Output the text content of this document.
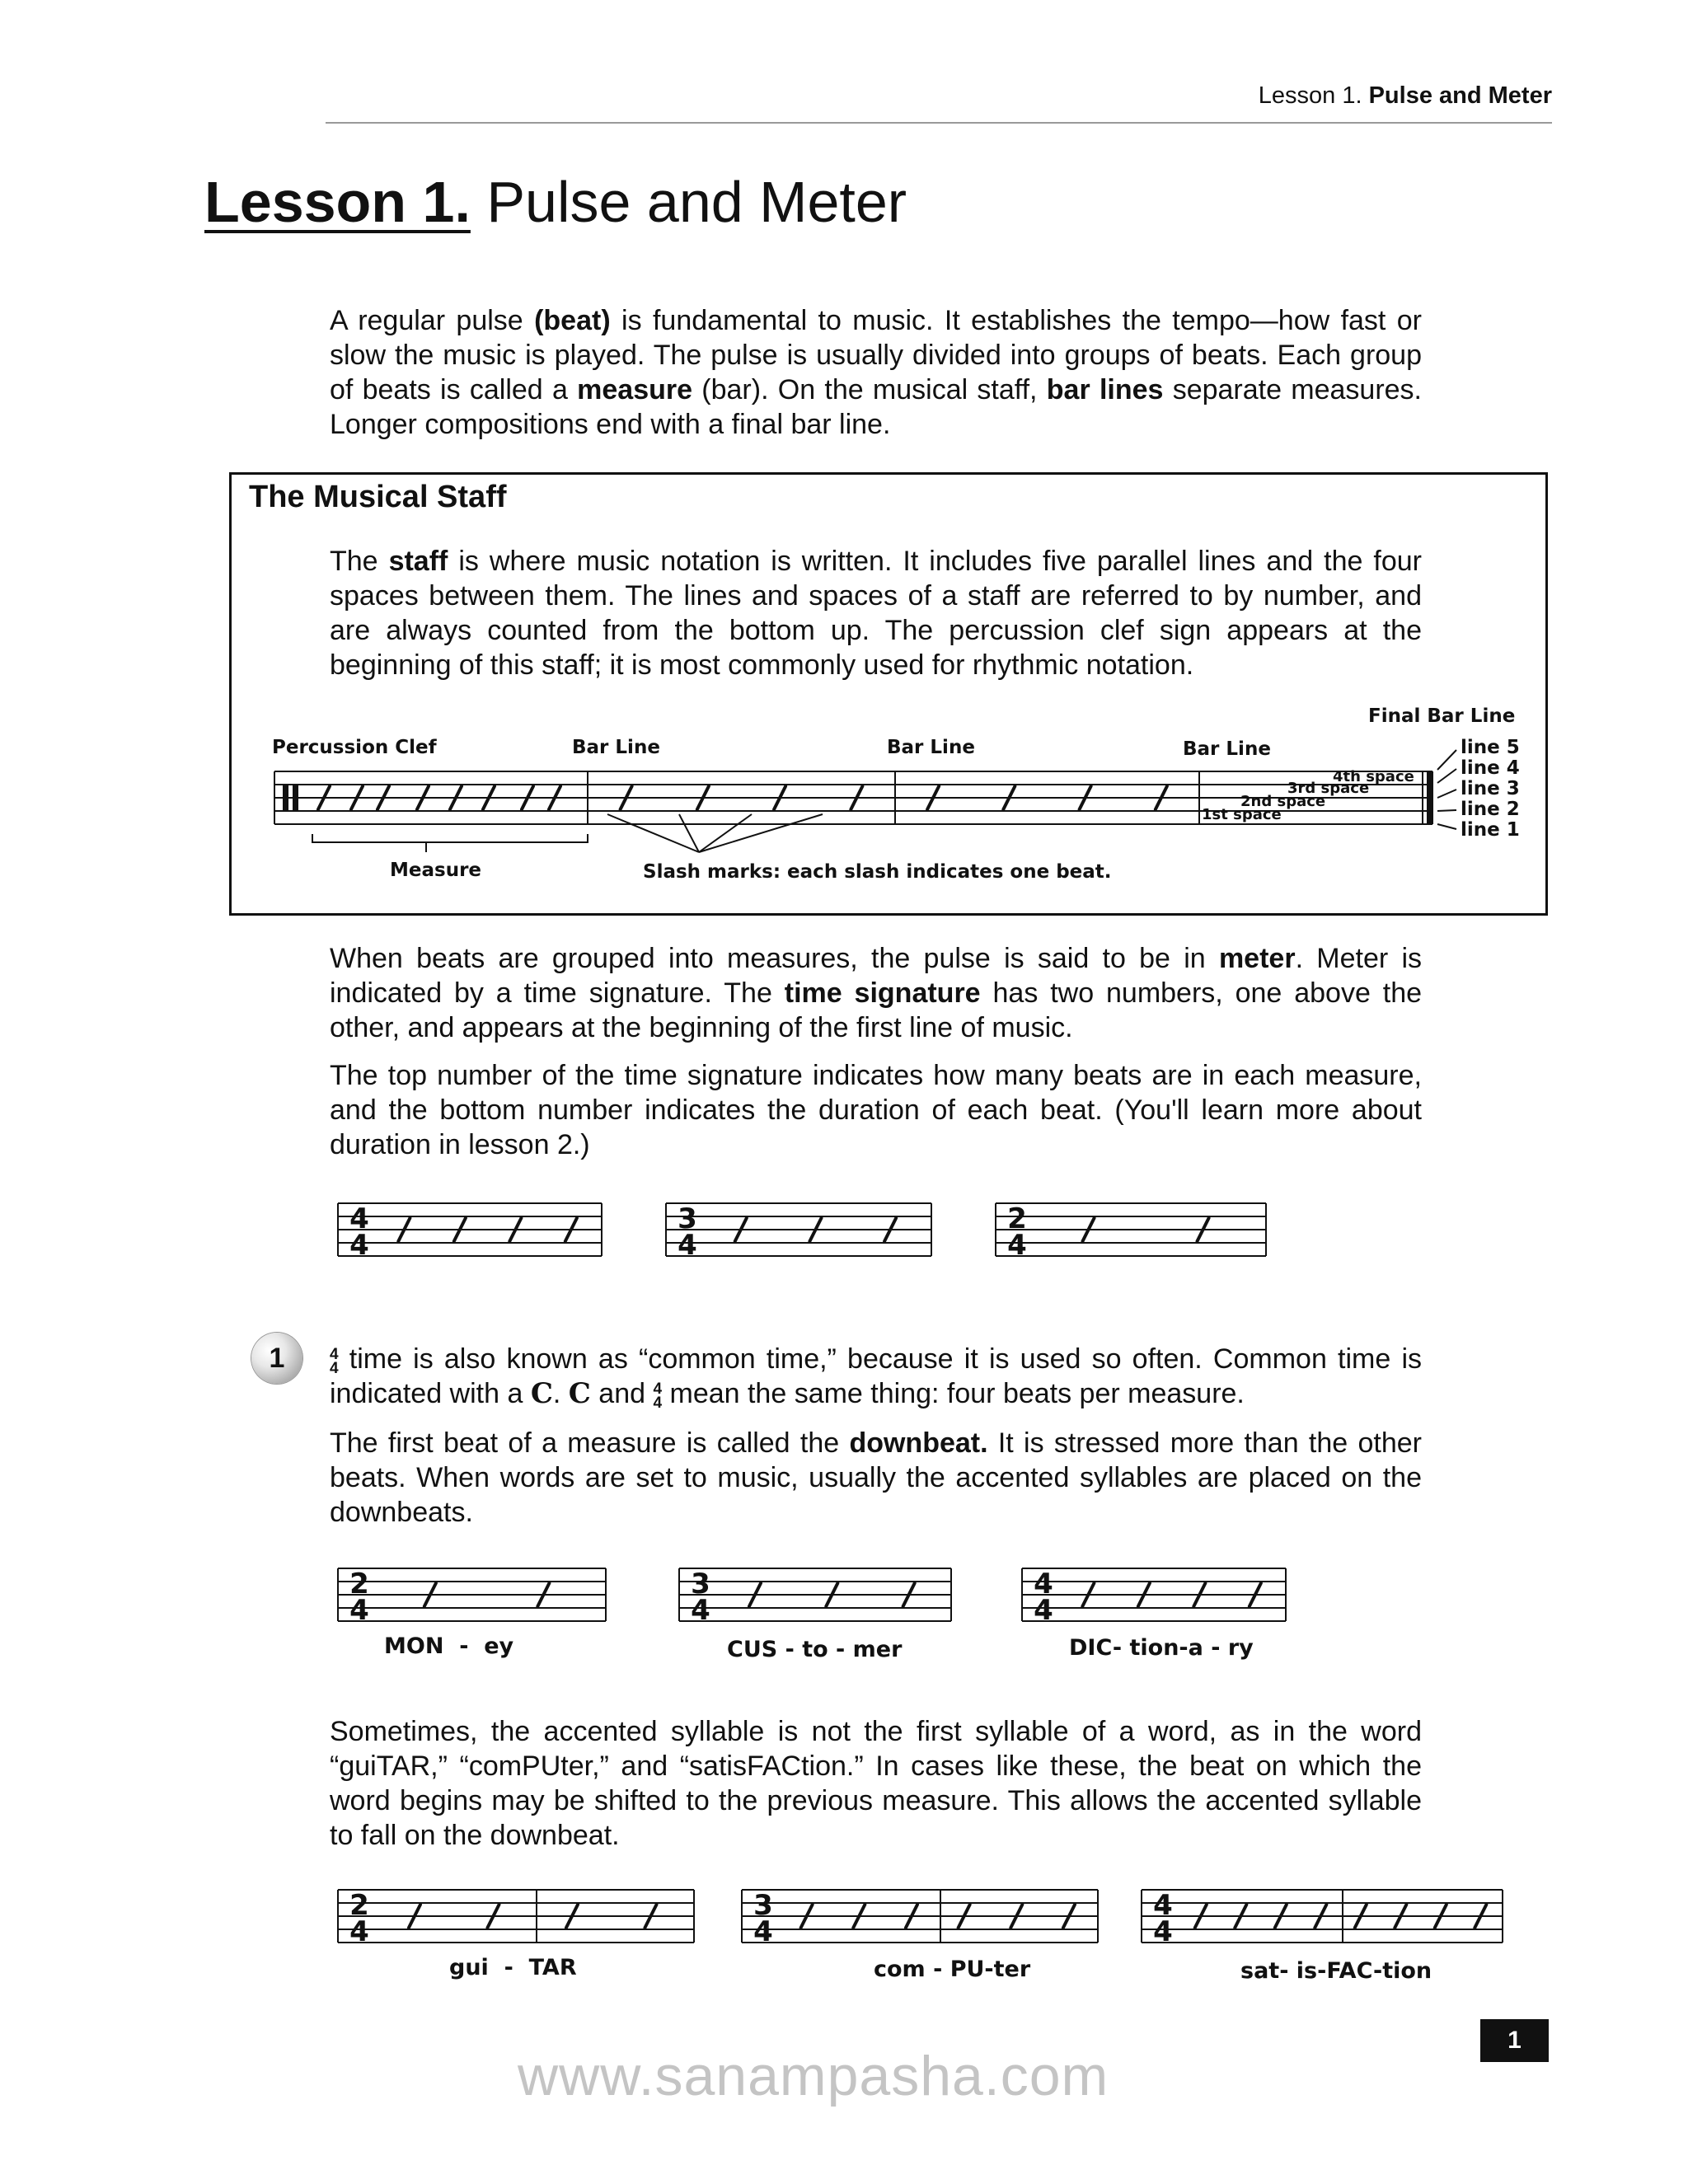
Lesson 1. Pulse and Meter
Lesson 1. Pulse and Meter

A regular pulse (beat) is fundamental to music. It establishes the tempo—how fast or slow the music is played. The pulse is usually divided into groups of beats. Each group of beats is called a measure (bar). On the musical staff, bar lines separate measures. Longer compositions end with a final bar line.

The Musical Staff

The staff is where music notation is written. It includes five parallel lines and the four spaces between them. The lines and spaces of a staff are referred to by number, and are always counted from the bottom up. The percussion clef sign appears at the beginning of this staff; it is most commonly used for rhythmic notation.

Percussion Clef	Bar Line	Bar Line	Bar Line
Final Bar Line
Measure	Slash marks: each slash indicates one beat.
4th space
3rd space
2nd space
1st space
line 5
line 4
line 3
line 2
line 1
4
4
3
4
2
4
2
4
3
4
4
4
2
4
3
4
4
4

When beats are grouped into measures, the pulse is said to be in meter. Meter is indicated by a time signature. The time signature has two numbers, one above the other, and appears at the beginning of the first line of music.

The top number of the time signature indicates how many beats are in each measure, and the bottom number indicates the duration of each beat. (You'll learn more about duration in lesson 2.)

1	4
4 time is also known as “common time,” because it is used so often. Common time is indicated with a C. C and 4
4 mean the same thing: four beats per measure.

The first beat of a measure is called the downbeat. It is stressed more than the other beats. When words are set to music, usually the accented syllables are placed on the downbeats.

MON  -  ey	CUS - to - mer	DIC- tion-a - ry

Sometimes, the accented syllable is not the first syllable of a word, as in the word “guiTAR,” “comPUter,” and “satisFACtion.” In cases like these, the beat on which the word begins may be shifted to the previous measure. This allows the accented syllable to fall on the downbeat.

gui  -  TAR	com - PU-ter	sat- is-FAC-tion
1
www.sanampasha.com
